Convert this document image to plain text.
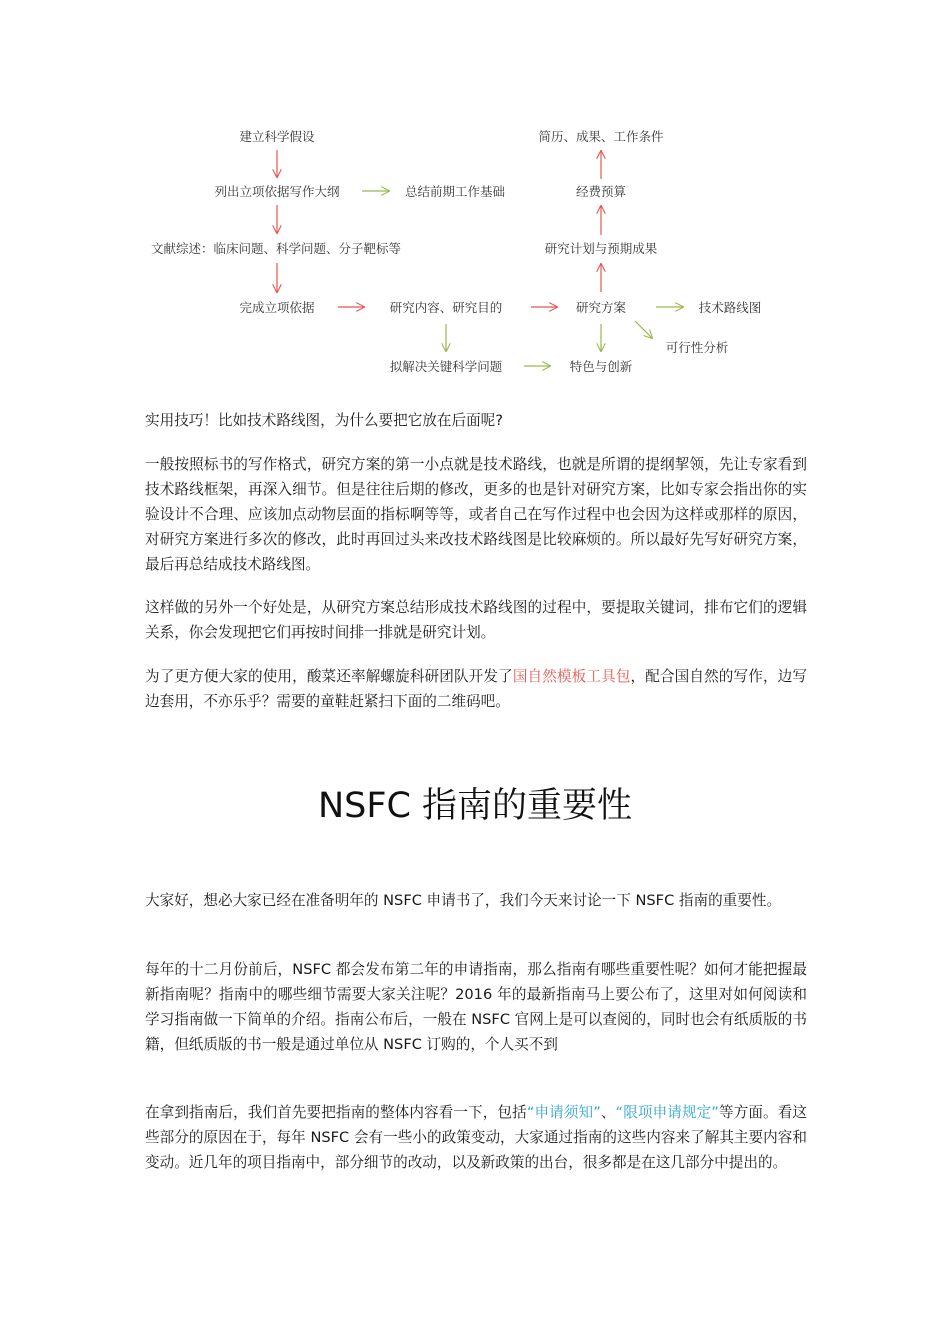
建立科学假设
列出立项依据写作大纲	总结前期工作基础
文献综述：临床问题、科学问题、分子靶标等
完成立项依据	研究内容、研究目的
拟解决关键科学问题	特色与创新
研究方案	技术路线图
可行性分析
研究计划与预期成果
经费预算
简历、成果、工作条件

实用技巧！比如技术路线图，为什么要把它放在后面呢?

一般按照标书的写作格式，研究方案的第一小点就是技术路线，也就是所谓的提纲挈领，先让专家看到技术路线框架，再深入细节。但是往往后期的修改，更多的也是针对研究方案，比如专家会指出你的实验设计不合理、应该加点动物层面的指标啊等等，或者自己在写作过程中也会因为这样或那样的原因，对研究方案进行多次的修改，此时再回过头来改技术路线图是比较麻烦的。所以最好先写好研究方案，最后再总结成技术路线图。

这样做的另外一个好处是，从研究方案总结形成技术路线图的过程中，要提取关键词，排布它们的逻辑关系，你会发现把它们再按时间排一排就是研究计划。

为了更方便大家的使用，酸菜还率解螺旋科研团队开发了国自然模板工具包，配合国自然的写作，边写边套用，不亦乐乎？需要的童鞋赶紧扫下面的二维码吧。

NSFC 指南的重要性

大家好，想必大家已经在准备明年的 NSFC 申请书了，我们今天来讨论一下 NSFC 指南的重要性。

每年的十二月份前后，NSFC 都会发布第二年的申请指南，那么指南有哪些重要性呢？如何才能把握最新指南呢？指南中的哪些细节需要大家关注呢？2016 年的最新指南马上要公布了，这里对如何阅读和学习指南做一下简单的介绍。指南公布后，一般在 NSFC 官网上是可以查阅的，同时也会有纸质版的书籍，但纸质版的书一般是通过单位从 NSFC 订购的，个人买不到

在拿到指南后，我们首先要把指南的整体内容看一下，包括“申请须知”、“限项申请规定”等方面。看这些部分的原因在于，每年 NSFC 会有一些小的政策变动，大家通过指南的这些内容来了解其主要内容和变动。近几年的项目指南中，部分细节的改动，以及新政策的出台，很多都是在这几部分中提出的。
